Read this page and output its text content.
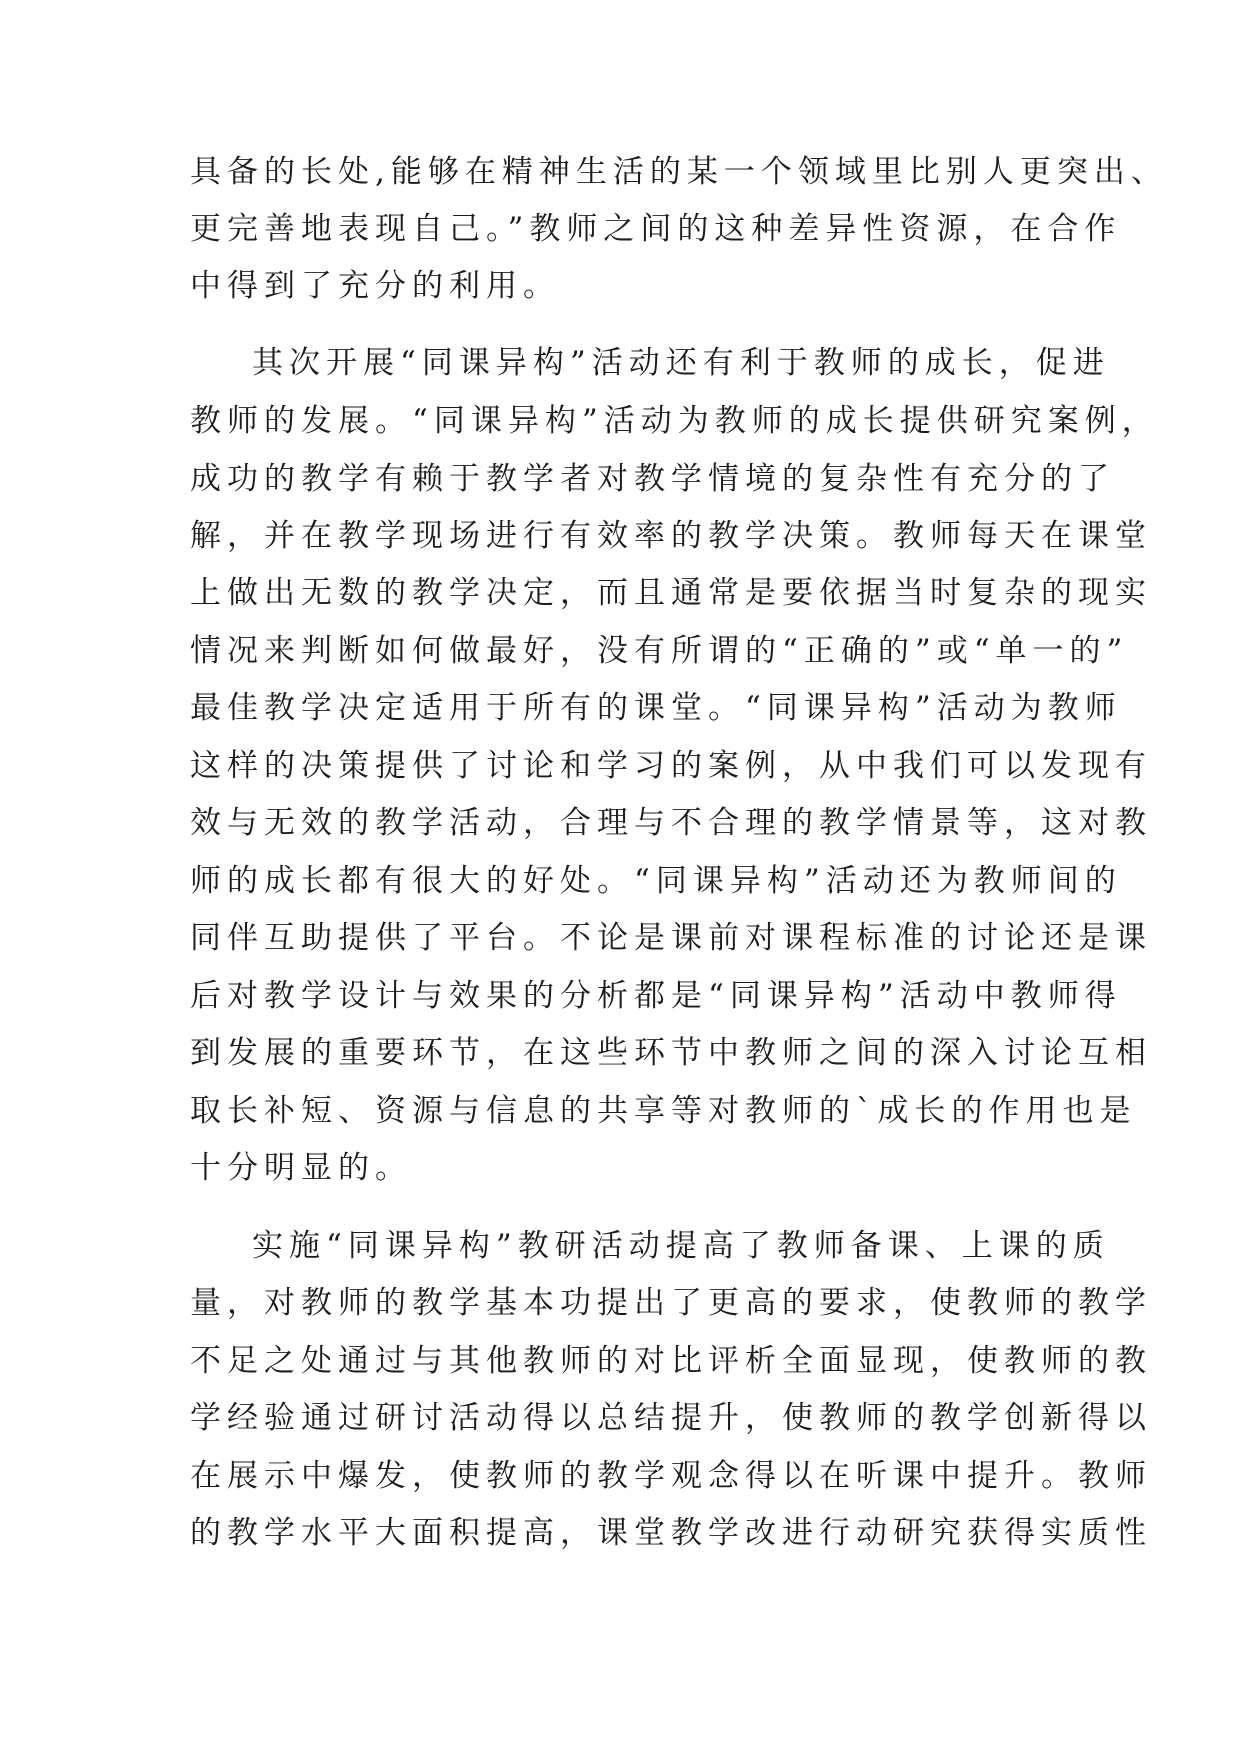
具备的长处,能够在精神生活的某一个领域里比别人更突出、
更完善地表现自己。”教师之间的这种差异性资源，在合作
中得到了充分的利用。
其次开展“同课异构”活动还有利于教师的成长，促进
教师的发展。“同课异构”活动为教师的成长提供研究案例，
成功的教学有赖于教学者对教学情境的复杂性有充分的了
解，并在教学现场进行有效率的教学决策。教师每天在课堂
上做出无数的教学决定，而且通常是要依据当时复杂的现实
情况来判断如何做最好，没有所谓的“正确的”或“单一的”
最佳教学决定适用于所有的课堂。“同课异构”活动为教师
这样的决策提供了讨论和学习的案例，从中我们可以发现有
效与无效的教学活动，合理与不合理的教学情景等，这对教
师的成长都有很大的好处。“同课异构”活动还为教师间的
同伴互助提供了平台。不论是课前对课程标准的讨论还是课
后对教学设计与效果的分析都是“同课异构”活动中教师得
到发展的重要环节，在这些环节中教师之间的深入讨论互相
取长补短、资源与信息的共享等对教师的`成长的作用也是
十分明显的。
实施“同课异构”教研活动提高了教师备课、上课的质
量，对教师的教学基本功提出了更高的要求，使教师的教学
不足之处通过与其他教师的对比评析全面显现，使教师的教
学经验通过研讨活动得以总结提升，使教师的教学创新得以
在展示中爆发，使教师的教学观念得以在听课中提升。教师
的教学水平大面积提高，课堂教学改进行动研究获得实质性
